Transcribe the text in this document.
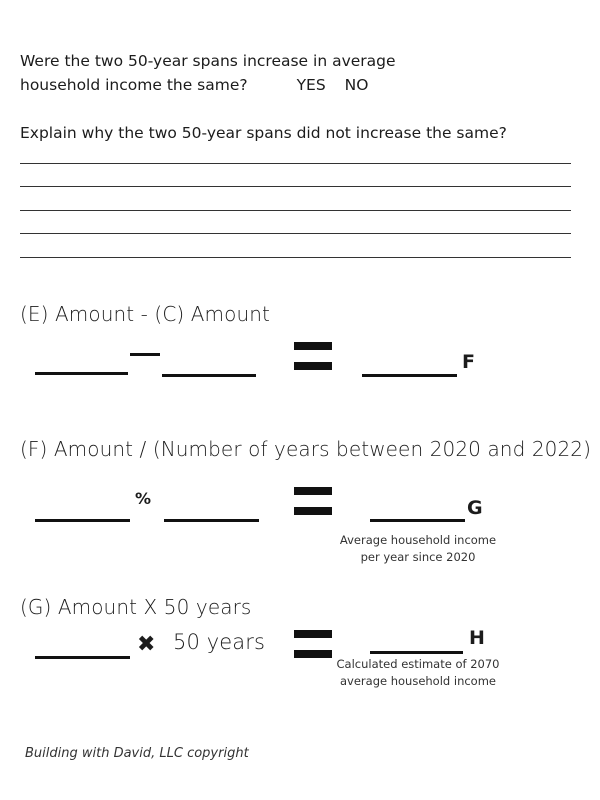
Were the two 50-year spans increase in average
household income the same?	YES NO
Explain why the two 50-year spans did not increase the same?
(E) Amount - (C) Amount
F
(F) Amount / (Number of years between 2020 and 2022)
%	G
Average household income
per year since 2020
(G) Amount X 50 years
✖ 50 years	H
Calculated estimate of 2070
average household income
Building with David, LLC copyright
